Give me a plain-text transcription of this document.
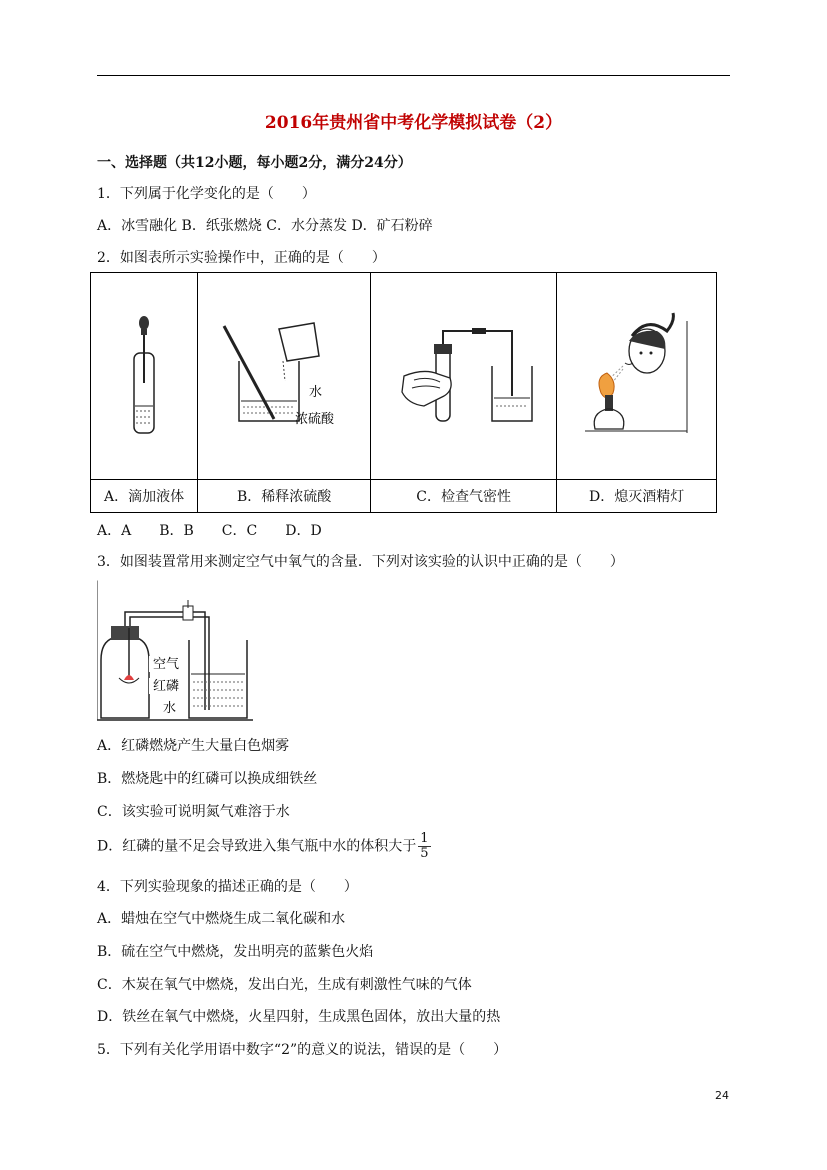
2016年贵州省中考化学模拟试卷（2）
一、选择题（共12小题，每小题2分，满分24分）
1．下列属于化学变化的是（　　）
A．冰雪融化 B．纸张燃烧 C．水分蒸发 D．矿石粉碎
2．如图表所示实验操作中，正确的是（　　）

水
浓硫酸

A．滴加液体	B．稀释浓硫酸	C．检查气密性	D．熄灭酒精灯
A．A　　B．B　　C．C　　D．D
3．如图装置常用来测定空气中氧气的含量．下列对该实验的认识中正确的是（　　）
空气
红磷
水
A．红磷燃烧产生大量白色烟雾
B．燃烧匙中的红磷可以换成细铁丝
C．该实验可说明氮气难溶于水
D．红磷的量不足会导致进入集气瓶中水的体积大于 $\frac{1}{5}$
4．下列实验现象的描述正确的是（　　）
A．蜡烛在空气中燃烧生成二氧化碳和水
B．硫在空气中燃烧，发出明亮的蓝紫色火焰
C．木炭在氧气中燃烧，发出白光，生成有刺激性气味的气体
D．铁丝在氧气中燃烧，火星四射，生成黑色固体，放出大量的热
5．下列有关化学用语中数字“2”的意义的说法，错误的是（　　）
24
